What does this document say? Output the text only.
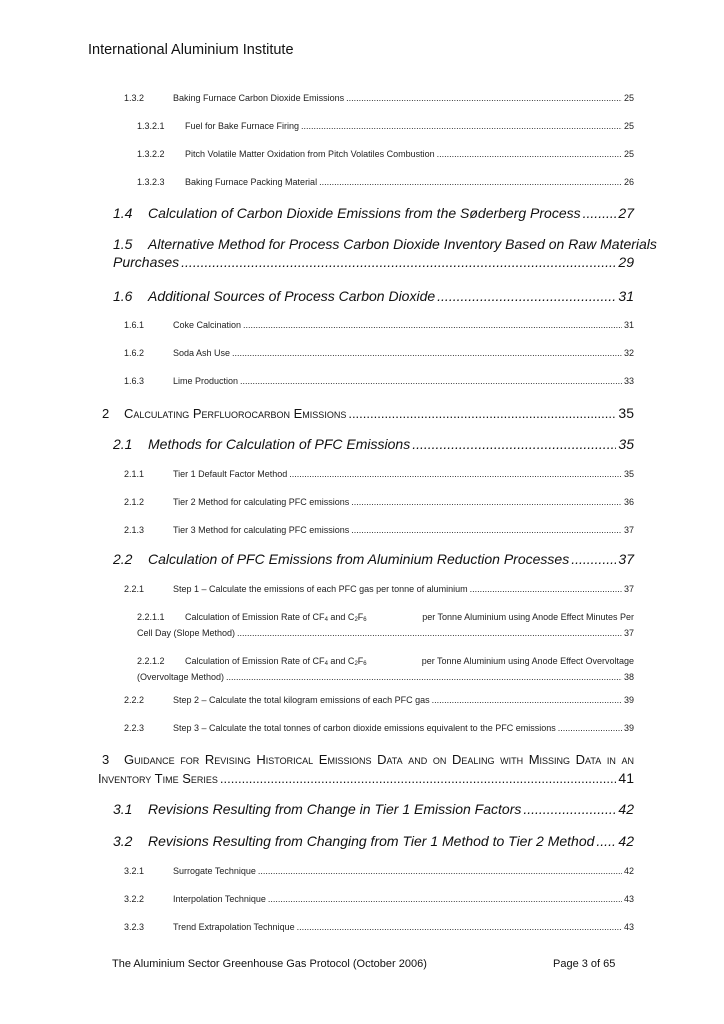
International Aluminium Institute
1.3.2	Baking Furnace Carbon Dioxide Emissions .....	25
1.3.2.1	Fuel for Bake Furnace Firing .....	25
1.3.2.2	Pitch Volatile Matter Oxidation from Pitch Volatiles Combustion .....	25
1.3.2.3	Baking Furnace Packing Material .....	26
1.4	Calculation of Carbon Dioxide Emissions from the Søderberg Process .....	27
1.5	Alternative Method for Process Carbon Dioxide Inventory Based on Raw Materials
Purchases .....	29
1.6	Additional Sources of Process Carbon Dioxide .....	31
1.6.1	Coke Calcination .....	31
1.6.2	Soda Ash Use .....	32
1.6.3	Lime Production .....	33
2	Calculating Perfluorocarbon Emissions .....	35
2.1	Methods for Calculation of PFC Emissions .....	35
2.1.1	Tier 1 Default Factor Method .....	35
2.1.2	Tier 2 Method for calculating PFC emissions .....	36
2.1.3	Tier 3 Method for calculating PFC emissions .....	37
2.2	Calculation of PFC Emissions from Aluminium Reduction Processes .....	37
2.2.1	Step 1 – Calculate the emissions of each PFC gas per tonne of aluminium .....	37
2.2.1.1	Calculation of Emission Rate of $CF_4$ and $C_2F_6$	per Tonne Aluminium using Anode Effect Minutes Per
Cell Day (Slope Method) .....	37
2.2.1.2	Calculation of Emission Rate of $CF_4$ and $C_2F_6$	per Tonne Aluminium using Anode Effect Overvoltage
(Overvoltage Method) .....	38
2.2.2	Step 2 – Calculate the total kilogram emissions of each PFC gas .....	39
2.2.3	Step 3 – Calculate the total tonnes of carbon dioxide emissions equivalent to the PFC emissions .....	39
3	Guidance for Revising Historical Emissions Data and on Dealing with Missing Data in an
Inventory Time Series .....	41
3.1	Revisions Resulting from Change in Tier 1 Emission Factors .....	42
3.2	Revisions Resulting from Changing from Tier 1 Method to Tier 2 Method ..... 42
3.2.1	Surrogate Technique .....	42
3.2.2	Interpolation Technique .....	43
3.2.3	Trend Extrapolation Technique .....	43
The Aluminium Sector Greenhouse Gas Protocol (October 2006)	Page 3 of 65
